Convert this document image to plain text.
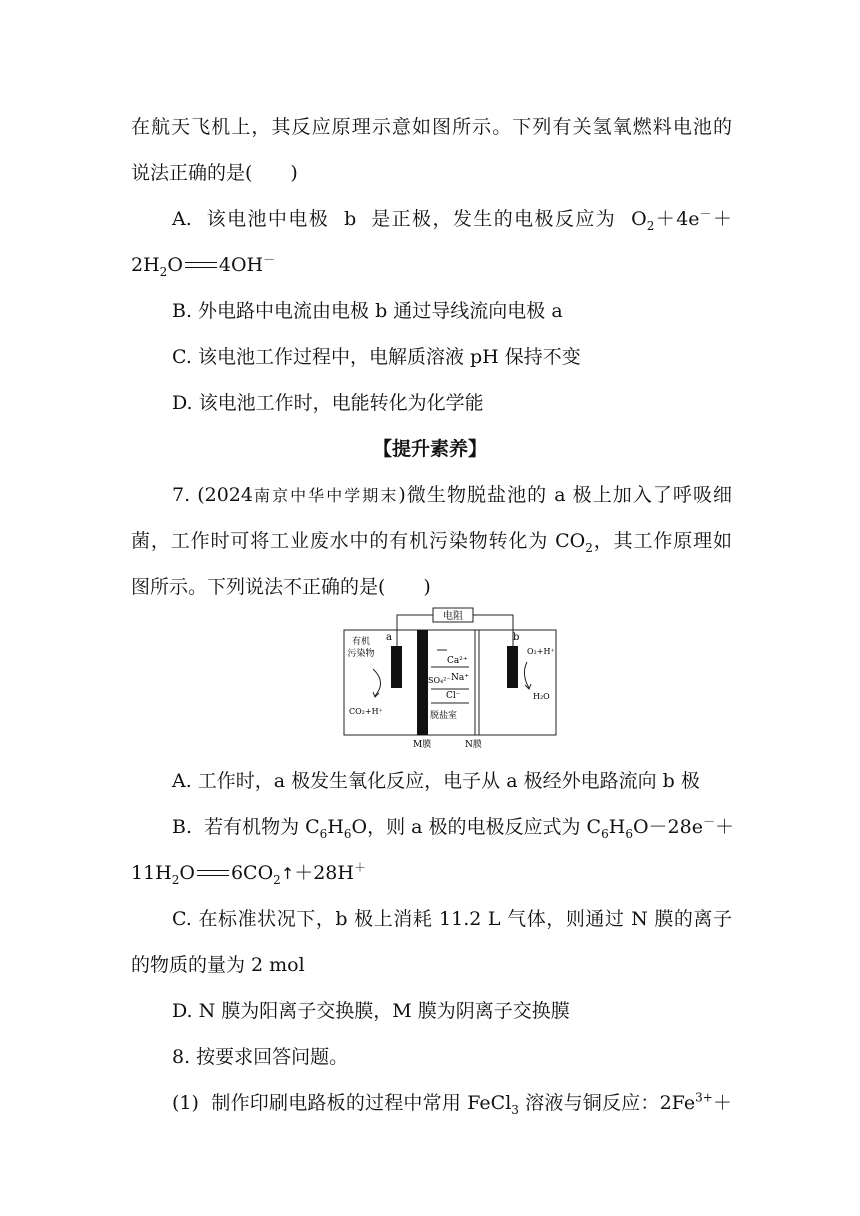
在航天飞机上，其反应原理示意如图所示。下列有关氢氧燃料电池的
说法正确的是(　　)
A.  该电池中电极  b  是正极，发生的电极反应为  $O_2+4e^-+$
$2H_2O$ 4OH－
B. 外电路中电流由电极 b 通过导线流向电极 a
C. 该电池工作过程中，电解质溶液 pH 保持不变
D. 该电池工作时，电能转化为化学能
【提升素养】
7. (2024南京中华中学期末)微生物脱盐池的 a 极上加入了呼吸细
菌，工作时可将工业废水中的有机污染物转化为 $CO_2$，其工作原理如
图所示。下列说法不正确的是(　　)
电阻
a	b
有机
污染物
CO₂+H⁺
Ca²⁺
SO₄²⁻ Na⁺
Cl⁻
脱盐室
O₂+H⁺
H₂O
M膜	N膜
A. 工作时，a 极发生氧化反应，电子从 a 极经外电路流向 b 极
B.  若有机物为 $C_6H_6O$，则 a 极的电极反应式为 $C_6H_6O-28e^-+$
$11H_2O$ $6CO_2↑+28H^+$
C. 在标准状况下，b 极上消耗 11.2 L 气体，则通过 N 膜的离子
的物质的量为 2 mol
D. N 膜为阳离子交换膜，M 膜为阴离子交换膜
8. 按要求回答问题。
(1)  制作印刷电路板的过程中常用 FeCl$_3$ 溶液与铜反应：$2Fe^{3+}+$
